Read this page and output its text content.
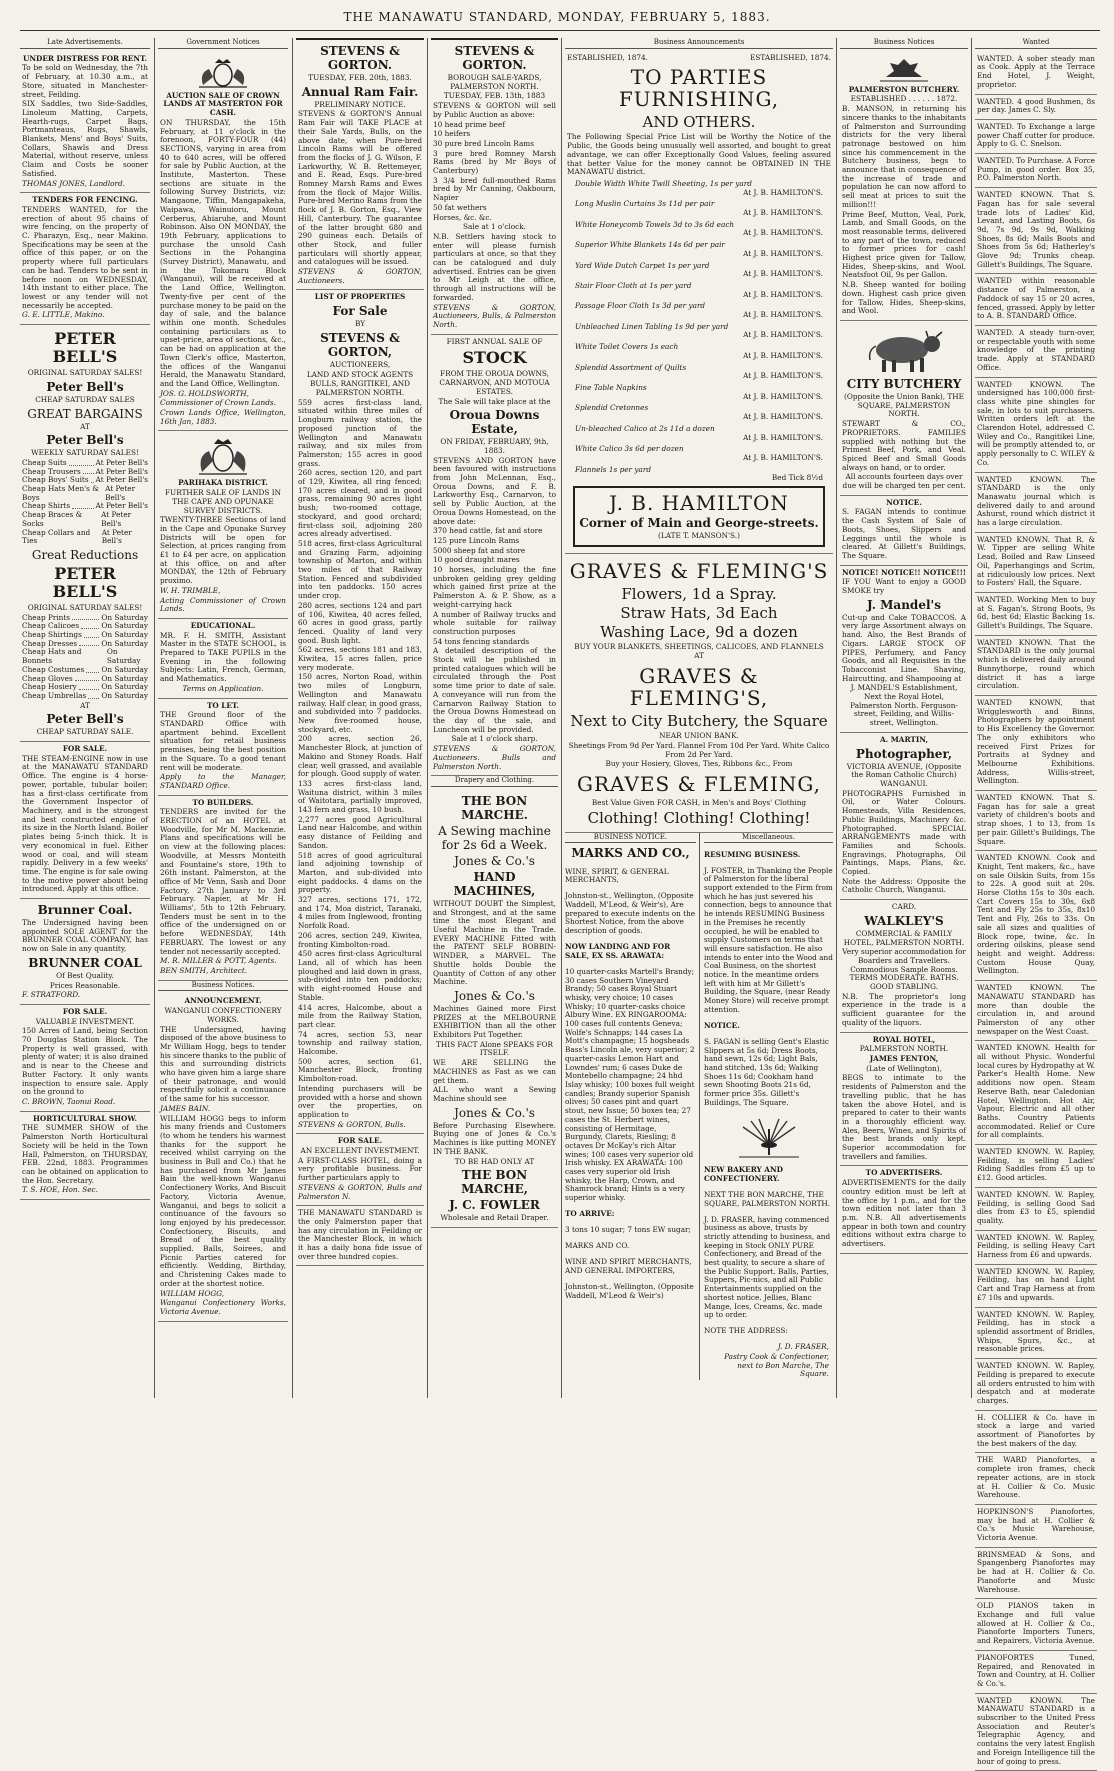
THE MANAWATU STANDARD, MONDAY, FEBRUARY 5, 1883.
Late Advertisements.

UNDER DISTRESS FOR RENT.

To be sold on Wednesday, the 7th of February, at 10.30 a.m., at Store, situated in Manchester-street, Feilding.

SIX Saddles, two Side-Saddles, Linoleum Matting, Carpets, Hearth-rugs, Carpet Bags, Portmanteaus, Rugs, Shawls, Blankets, Mens' and Boys' Suits, Collars, Shawls and Dress Material, without reserve, unless Claim and Costs be sooner Satisfied.

THOMAS JONES, Landlord.

TENDERS FOR FENCING.

TENDERS WANTED, for the erection of about 95 chains of wire fencing, on the property of C. Pharazyn, Esq., near Makino. Specifications may be seen at the office of this paper, or on the property where full particulars can be had. Tenders to be sent in before noon on WEDNESDAY, 14th instant to either place. The lowest or any tender will not necessarily be accepted.

G. E. LITTLE, Makino.

PETER BELL'S

ORIGINAL SATURDAY SALES!

Peter Bell's

CHEAP SATURDAY SALES

GREAT BARGAINS

AT

Peter Bell's

WEEKLY SATURDAY SALES!

Cheap Suits	At Peter Bell's
Cheap Trousers At Peter Bell's
Cheap Boys' Suits At Peter Bell's
Cheap Hats Men's & Boys
At Peter Bell's
Cheap Shirts	At Peter Bell's
Cheap Braces & Socks
At Peter Bell's
Cheap Collars and Ties
At Peter Bell's
Great Reductions
PETER BELL'S

ORIGINAL SATURDAY SALES!

Cheap Prints	On Saturday
Cheap Calicoes	On Saturday
Cheap Shirtings	On Saturday
Cheap Dresses	On Saturday
Cheap Hats and Bonnets
On Saturday
Cheap Costumes On Saturday
Cheap Gloves	On Saturday
Cheap Hosiery	On Saturday
Cheap Umbrellas On Saturday

AT

Peter Bell's

CHEAP SATURDAY SALE.

FOR SALE.

THE STEAM-ENGINE now in use at the MANAWATU STANDARD Office. The engine is 4 horse-power, portable, tubular boiler; has a first-class certificate from the Government Inspector of Machinery, and is the strongest and best constructed engine of its size in the North Island. Boiler plates being 5-inch thick. It is very economical in fuel. Either wood or coal, and will steam rapidly. Delivery in a few weeks' time. The engine is for sale owing to the motive power about being introduced. Apply at this office.

Brunner Coal.

The Undersigned having been appointed SOLE AGENT for the BRUNNER COAL COMPANY, has now on Sale in any quantity,

BRUNNER COAL

Of Best Quality.

Prices Reasonable.

F. STRATFORD.

FOR SALE.

VALUABLE INVESTMENT.

150 Acres of Land, being Section 70 Douglas Station Block. The Property is well grassed, with plenty of water; it is also drained and is near to the Cheese and Butter Factory. It only wants inspection to ensure sale. Apply on the ground to

C. BROWN, Taonui Road.

HORTICULTURAL SHOW.

THE SUMMER SHOW of the Palmerston North Horticultural Society will be held in the Town Hall, Palmerston, on THURSDAY, FEB. 22nd, 1883. Programmes can be obtained on application to the Hon. Secretary.

T. S. HOE, Hon. Sec.

Government Notices

AUCTION SALE OF CROWN LANDS AT MASTERTON FOR CASH.

ON THURSDAY, the 15th February, at 11 o'clock in the forenoon, FORTY-FOUR (44) SECTIONS, varying in area from 40 to 640 acres, will be offered for sale by Public Auction, at the Institute, Masterton. These sections are situate in the following Survey Districts, viz: Mangaone, Tiffin, Mangapakeha, Waipawa, Wainuioru, Mount Cerberus, Ahiaruhe, and Mount Robinson. Also ON MONDAY, the 19th February, applications to purchase the unsold Cash Sections in the Pohangina (Survey District), Manawatu, and in the Tokomaru Block (Wanganui), will be received at the Land Office, Wellington. Twenty-five per cent of the purchase money to be paid on the day of sale, and the balance within one month. Schedules containing particulars as to upset-price, area of sections, &c., can be had on application at the Town Clerk's office, Masterton, the offices of the Wanganui Herald, the Manawatu Standard, and the Land Office, Wellington.

JOS. G. HOLDSWORTH,

Commissioner of Crown Lands.

Crown Lands Office, Wellington, 16th Jan, 1883.

PARIHAKA DISTRICT.

FURTHER SALE OF LANDS IN THE CAPE AND OPUNAKE SURVEY DISTRICTS.

TWENTY-THREE Sections of land in the Cape and Opunake Survey Districts will be open for Selection, at prices ranging from £1 to £4 per acre, on application at this office, on and after MONDAY, the 12th of February proximo.

W. H. TRIMBLE,

Acting Commissioner of Crown Lands.

EDUCATIONAL.

MR. F. H. SMITH, Assistant Master in the STATE SCHOOL, is Prepared to TAKE PUPILS in the Evening in the following Subjects: Latin, French, German, and Mathematics.

Terms on Application.

TO LET.

THE Ground floor of the STANDARD Office with apartment behind. Excellent situation for retail business premises, being the best position in the Square. To a good tenant rent will be moderate.

Apply to the Manager, STANDARD Office.

TO BUILDERS.

TENDERS are invited for the ERECTION of an HOTEL at Woodville, for Mr M. Mackenzie. Plans and specifications will be on view at the following places: Woodville, at Messrs Monteith and Fountaine's store, 19th to 26th instant. Palmerston, at the office of Mr Venn, Sash and Door Factory, 27th January to 3rd February. Napier, at Mr H. Williams', 5th to 12th February. Tenders must be sent in to the office of the undersigned on or before WEDNESDAY, 14th FEBRUARY. The lowest or any tender not necessarily accepted.

M. R. MILLER & POTT, Agents.

BEN SMITH, Architect.

Business Notices.

ANNOUNCEMENT.

WANGANUI CONFECTIONERY WORKS.

THE Undersigned, having disposed of the above business to Mr William Hogg, begs to tender his sincere thanks to the public of this and surrounding districts who have given him a large share of their patronage, and would respectfully solicit a continuance of the same for his successor.

JAMES BAIN.

WILLIAM HOGG begs to inform his many friends and Customers (to whom he tenders his warmest thanks for the support he received whilst carrying on the business in Bull and Co.) that he has purchased from Mr James Bain the well-known Wanganui Confectionery Works, And Biscuit Factory, Victoria Avenue, Wanganui, and begs to solicit a continuance of the favours so long enjoyed by his predecessor. Confectionery, Biscuits, and Bread of the best quality supplied. Balls, Soirees, and Picnic Parties catered for efficiently. Wedding, Birthday, and Christening Cakes made to order at the shortest notice.

WILLIAM HOGG,

Wanganui Confectionery Works, Victoria Avenue.

STEVENS & GORTON.

TUESDAY, FEB. 20th, 1883.

Annual Ram Fair.

PRELIMINARY NOTICE.

STEVENS & GORTON'S Annual Ram Fair will TAKE PLACE at their Sale Yards, Bulls, on the above date, when Pure-bred Lincoln Rams will be offered from the flocks of J. G. Wilson, F. Larkworthy, W. B. Rettemeyer, and E. Read, Esqs. Pure-bred Romney Marsh Rams and Ewes from the flock of Major Willis. Pure-bred Merino Rams from the flock of J. B. Gorton, Esq., View Hill, Canterbury. The guarantee of the latter brought 680 and 290 guineas each. Details of other Stock, and fuller particulars will shortly appear, and catalogues will be issued.

STEVENS & GORTON, Auctioneers.

LIST OF PROPERTIES

For Sale

BY

STEVENS & GORTON,

AUCTIONEERS,

LAND AND STOCK AGENTS

BULLS, RANGITIKEI, AND PALMERSTON NORTH.

559 acres first-class land, situated within three miles of Longburn railway station, the proposed junction of the Wellington and Manawatu railway, and six miles from Palmerston; 155 acres in good grass.

260 acres, section 120, and part of 129, Kiwitea, all ring fenced; 170 acres cleared, and in good grass, remaining 90 acres light bush; two-roomed cottage, stockyard, and good orchard; first-class soil, adjoining 280 acres already advertised.

518 acres, first-class Agricultural and Grazing Farm, adjoining township of Marton, and within two miles of that Railway Station. Fenced and subdivided into ten paddocks. 150 acres under crop.

280 acres, sections 124 and part of 106, Kiwitea, 40 acres felled, 60 acres in good grass, partly fenced. Quality of land very good. Bush light.

562 acres, sections 181 and 183, Kiwitea, 15 acres fallen, price very moderate.

150 acres, Norton Road, within two miles of Longburn, Wellington and Manawatu railway. Half clear, in good grass, and subdivided into 7 paddocks. New five-roomed house, stockyard, etc.

200 acres, section 26, Manchester Block, at junction of Makino and Stoney Roads. Half clear, well grassed, and available for plough. Good supply of water.

133 acres first-class land, Waituna district, within 3 miles of Waitotara, partially improved, 143 fern and grass, 10 bush.

2,277 acres good Agricultural Land near Halcombe, and within easy distance of Feilding and Sandon.

518 acres of good agricultural land adjoining township of Marton, and sub-divided into eight paddocks. 4 dams on the property.

327 acres, sections 171, 172, and 174, Moa district, Taranaki, 4 miles from Inglewood, fronting Norfolk Road.

206 acres, section 249, Kiwitea, fronting Kimbolton-road.

450 acres first-class Agricultural Land, all of which has been ploughed and laid down in grass, sub-divided into ten paddocks; with eight-roomed House and Stable.

414 acres, Halcombe, about a mile from the Railway Station, part clear.

74 acres, section 53, near township and railway station, Halcombe.

500 acres, section 61, Manchester Block, fronting Kimbolton-road.

Intending purchasers will be provided with a horse and shown over the properties, on application to

STEVENS & GORTON, Bulls.

FOR SALE.

AN EXCELLENT INVESTMENT.

A FIRST-CLASS HOTEL, doing a very profitable business. For further particulars apply to

STEVENS & GORTON, Bulls and Palmerston N.

THE MANAWATU STANDARD is the only Palmerston paper that has any circulation in Feilding or the Manchester Block, in which it has a daily bona fide issue of over three hundred copies.

STEVENS & GORTON.

BOROUGH SALE-YARDS, PALMERSTON NORTH.

TUESDAY, FEB. 13th, 1883

STEVENS & GORTON will sell by Public Auction as above:

10 head prime beef

10 heifers

30 pure bred Lincoln Rams

3 pure bred Romney Marsh Rams (bred by Mr Boys of Canterbury)

3 3/4 bred full-mouthed Rams bred by Mr Canning, Oakbourn, Napier

50 fat wethers

Horses, &c. &c.

Sale at 1 o'clock.

N.B. Settlers having stock to enter will please furnish particulars at once, so that they can be catalogued and duly advertised. Entries can be given to Mr Leigh at the office, through all instructions will be forwarded.

STEVENS & GORTON, Auctioneers, Bulls, & Palmerston North.

FIRST ANNUAL SALE OF

STOCK

FROM THE OROUA DOWNS, CARNARVON, AND MOTOUA ESTATES.

The Sale will take place at the

Oroua Downs Estate,

ON FRIDAY, FEBRUARY, 9th, 1883.

STEVENS AND GORTON have been favoured with instructions from John McLennan, Esq., Oroua Downs, and F. B. Larkworthy Esq., Carnarvon, to sell by Public Auction, at the Oroua Downs Homestead, on the above date:

370 head cattle, fat and store

125 pure Lincoln Rams

5000 sheep fat and store

10 good draught mares

10 horses, including the fine unbroken gelding grey gelding which gained first prize at the Palmerston A. & P. Show, as a weight-carrying hack

A number of Railway trucks and whole suitable for railway construction purposes

54 tons fencing standards

A detailed description of the Stock will be published in printed catalogues which will be circulated through the Post some time prior to date of sale. A conveyance will run from the Carnarvon Railway Station to the Oroua Downs Homestead on the day of the sale, and Luncheon will be provided.

Sale at 1 o'clock sharp.

STEVENS & GORTON, Auctioneers. Bulls and Palmerston North.

Drapery and Clothing.
THE BON MARCHE.
A Sewing machine for 2s 6d a Week.
Jones & Co.'s
HAND MACHINES,

WITHOUT DOUBT the Simplest, and Strongest, and at the same time the most Elegant and Useful Machine in the Trade. EVERY MACHINE Fitted with the PATENT SELF BOBBIN-WINDER, a MARVEL. The Shuttle holds Double the Quantity of Cotton of any other Machine.

Jones & Co.'s

Machines Gained more First PRIZES at the MELBOURNE EXHIBITION than all the other Exhibitors Put Together.

THIS FACT Alone SPEAKS FOR ITSELF.

WE ARE SELLING the MACHINES as Fast as we can get them.

ALL who want a Sewing Machine should see

Jones & Co.'s

Before Purchasing Elsewhere. Buying one of Jones & Co.'s Machines is like putting MONEY IN THE BANK.

TO BE HAD ONLY AT

THE BON MARCHE,
J. C. FOWLER

Wholesale and Retail Draper.

Business Announcements
ESTABLISHED, 1874.	ESTABLISHED, 1874.
TO PARTIES FURNISHING,
AND OTHERS.

The Following Special Price List will be Worthy the Notice of the Public, the Goods being unusually well assorted, and bought to great advantage, we can offer Exceptionally Good Values, feeling assured that better Value for the money cannot be OBTAINED IN THE MANAWATU district.

Double Width White Twill Sheeting, 1s per yard
At J. B. HAMILTON'S.
Long Muslin Curtains 3s 11d per pair
At J. B. HAMILTON'S.
White Honeycomb Towels 3d to 3s 6d each
At J. B. HAMILTON'S.
Superior White Blankets 14s 6d per pair
At J. B. HAMILTON'S.
Yard Wide Dutch Carpet 1s per yard
At J. B. HAMILTON'S.
Stair Floor Cloth at 1s per yard
At J. B. HAMILTON'S.
Passage Floor Cloth 1s 3d per yard
At J. B. HAMILTON'S.
Unbleached Linen Tabling 1s 9d per yard
At J. B. HAMILTON'S.
White Toilet Covers 1s each
At J. B. HAMILTON'S.
Splendid Assortment of Quilts
At J. B. HAMILTON'S.
Fine Table Napkins
At J. B. HAMILTON'S.
Splendid Cretonnes
At J. B. HAMILTON'S.
Un-bleached Calico at 2s 11d a dozen
At J. B. HAMILTON'S.
White Calico 3s 6d per dozen
At J. B. HAMILTON'S.
Flannels 1s per yard
Bed Tick 8½d
J. B. HAMILTON
Corner of Main and George-streets.

(LATE T. MANSON'S.)

GRAVES & FLEMING'S
Flowers, 1d a Spray.
Straw Hats, 3d Each
Washing Lace, 9d a dozen

BUY YOUR BLANKETS, SHEETINGS, CALICOES, AND FLANNELS

AT

GRAVES & FLEMING'S,
Next to City Butchery, the Square

NEAR UNION BANK.

Sheetings From 9d Per Yard. Flannel From 10d Per Yard. White Calico From 2d Per Yard.

Buy your Hosiery, Gloves, Ties, Ribbons &c., From

GRAVES & FLEMING,

Best Value Given FOR CASH, in Men's and Boys' Clothing

Clothing! Clothing! Clothing!
BUSINESS NOTICE.
MARKS AND CO.,

WINE, SPIRIT, & GENERAL MERCHANTS,

Johnston-st., Wellington, (Opposite Waddell, M'Leod, & Weir's), Are prepared to execute indents on the Shortest Notice, from the above description of goods.

NOW LANDING AND FOR SALE, EX SS. ARAWATA:

10 quarter-casks Martell's Brandy; 30 cases Southern Vineyard Brandy; 50 cases Royal Stuart whisky, very choice; 10 cases Whisky; 10 quarter-casks choice Albury Wine. EX RINGAROOMA: 100 cases full contents Geneva; Wolfe's Schnapps; 144 cases La Mott's champagne; 15 hogsheads Bass's Lincoln ale, very superior; 2 quarter-casks Lemon Hart and Lowndes' rum; 6 cases Duke de Montebello champagne; 24 hhd Islay whisky; 100 boxes full weight candles; Brandy superior Spanish olives; 50 cases pint and quart stout, new Issue; 50 boxes tea; 27 cases the St. Herbert wines, consisting of Hermitage, Burgundy, Clarets, Riesling; 8 octaves Dr McKay's rich Altar wines; 100 cases very superior old Irish whisky. EX ARAWATA: 100 cases very superior old Irish whisky, the Harp, Crown, and Shamrock brand; Hints is a very superior whisky.

TO ARRIVE:

3 tons 10 sugar; 7 tons EW sugar;

MARKS AND CO.

WINE AND SPIRIT MERCHANTS, AND GENERAL IMPORTERS,

Johnston-st., Wellington, (Opposite Waddell, M'Leod & Weir's)

Miscellaneous.

RESUMING BUSINESS.

J. FOSTER, in Thanking the People of Palmerston for the liberal support extended to the Firm from which he has just severed his connection, begs to announce that he intends RESUMING Business in the Premises he recently occupied, he will be enabled to supply Customers on terms that will ensure satisfaction. He also intends to enter into the Wood and Coal Business, on the shortest notice. In the meantime orders left with him at Mr Gillett's Building, the Square, (near Ready Money Store) will receive prompt attention.

NOTICE.

S. FAGAN is selling Gent's Elastic Slippers at 5s 6d; Dress Boots, hand sewn, 12s 6d; Light Bals, hand stitched, 13s 6d; Walking Shoes 11s 6d; Cookham hand sewn Shooting Boots 21s 6d, former price 35s. Gillett's Buildings, The Square.

NEW BAKERY AND CONFECTIONERY.

NEXT THE BON MARCHE, THE SQUARE, PALMERSTON NORTH.

J. D. FRASER, having commenced business as above, trusts by strictly attending to business, and keeping in Stock ONLY PURE Confectionery, and Bread of the best quality, to secure a share of the Public Support. Balls, Parties, Suppers, Pic-nics, and all Public Entertainments supplied on the shortest notice. Jellies, Blanc Mange, Ices, Creams, &c. made up to order.

NOTE THE ADDRESS:

J. D. FRASER,

Pastry Cook & Confectioner, next to Bon Marche, The Square.

Business Notices

PALMERSTON BUTCHERY.

ESTABLISHED . . . . . . 1872.

B. MANSON, in returning his sincere thanks to the inhabitants of Palmerston and Surrounding districts for the very liberal patronage bestowed on him since his commencement in the Butchery business, begs to announce that in consequence of the increase of trade and population he can now afford to sell meat at prices to suit the million!!!

Prime Beef, Mutton, Veal, Pork, Lamb, and Small Goods, on the most reasonable terms, delivered to any part of the town, reduced to former prices for cash! Highest price given for Tallow, Hides, Sheep-skins, and Wool. Neatsfoot Oil, 9s per Gallon.

N.B. Sheep wanted for boiling down. Highest cash price given for Tallow, Hides, Sheep-skins, and Wool.

CITY BUTCHERY

(Opposite the Union Bank), THE SQUARE, PALMERSTON NORTH.

STEWART & CO., PROPRIETORS. FAMILIES supplied with nothing but the Primest Beef, Pork, and Veal. Spiced Beef and Small Goods always on hand, or to order.

All accounts fourteen days over due will be charged ten per cent.

NOTICE.

S. FAGAN intends to continue the Cash System of Sale of Boots, Shoes, Slippers and Leggings until the whole is cleared. At Gillett's Buildings, The Square.

NOTICE! NOTICE!! NOTICE!!!

IF YOU Want to enjoy a GOOD SMOKE try

J. Mandel's

Cut-up and Cake TOBACCOS. A very large Assortment always on hand. Also, the Best Brands of Cigars. LARGE STOCK OF PIPES, Perfumery, and Fancy Goods, and all Requisites in the Tobacconist Line. Shaving, Haircutting, and Shampooing at

J. MANDEL'S Establishment, Next the Royal Hotel, Palmerston North. Ferguson-street, Feilding, and Willis-street, Wellington.

A. MARTIN,

Photographer,

VICTORIA AVENUE, (Opposite the Roman Catholic Church) WANGANUI.

PHOTOGRAPHS Furnished in Oil, or Water Colours. Homesteads, Villa Residences, Public Buildings, Machinery &c. Photographed. SPECIAL ARRANGEMENTS made with Families and Schools. Engravings, Photographs, Oil Paintings, Maps, Plans, &c. Copied.

Note the Address: Opposite the Catholic Church, Wanganui.

CARD.

WALKLEY'S

COMMERCIAL & FAMILY HOTEL, PALMERSTON NORTH.

Very superior accommodation for Boarders and Travellers. Commodious Sample Rooms. TERMS MODERATE. BATHS. GOOD STABLING.

N.B. The proprietor's long experience in the trade is a sufficient guarantee for the quality of the liquors.

ROYAL HOTEL,

PALMERSTON NORTH.

JAMES FENTON,

(Late of Wellington),

BEGS to intimate to the residents of Palmerston and the travelling public, that he has taken the above Hotel, and is prepared to cater to their wants in a thoroughly efficient way. Ales, Beers, Wines, and Spirits of the best brands only kept. Superior accommodation for travellers and families.

TO ADVERTISERS.

ADVERTISEMENTS for the daily country edition must be left at the office by 1 p.m., and for the town edition not later than 3 p.m. N.B. All advertisements appear in both town and country editions without extra charge to advertisers.

Wanted

WANTED. A sober steady man as Cook. Apply at the Terrace End Hotel, J. Weight, proprietor.

WANTED. 4 good Bushmen, 8s per day. James C. Sly.

WANTED. To Exchange a large power Chaff cutter for produce. Apply to G. C. Snelson.

WANTED. To Purchase. A Force Pump, in good order. Box 35, P.O. Palmerston North.

WANTED KNOWN. That S. Fagan has for sale several trade lots of Ladies' Kid, Levant, and Lasting Boots, 6s 9d, 7s 9d, 9s 9d, Walking Shoes, 8s 6d; Mails Boots and Shoes from 5s 6d; Hatherley's Glove 9d; Trunks cheap. Gillett's Buildings, The Square.

WANTED within reasonable distance of Palmerston, a Paddock of say 15 or 20 acres, fenced, grassed. Apply by letter to A. B. STANDARD Office.

WANTED. A steady turn-over, or respectable youth with some knowledge of the printing trade. Apply at STANDARD Office.

WANTED KNOWN. The undersigned has 100,000 first-class white pine shingles for sale, in lots to suit purchasers. Written orders left at the Clarendon Hotel, addressed C. Wiley and Co., Rangitikei Line, will be promptly attended to, or apply personally to C. WILEY & Co.

WANTED KNOWN. The STANDARD is the only Manawatu journal which is delivered daily to and around Ashurst, round which district it has a large circulation.

WANTED KNOWN. That R. & W. Tipper are selling White Lead, Boiled and Raw Linseed Oil, Paperhangings and Scrim, at ridiculously low prices. Next to Fosters' Hall, the Square.

WANTED. Working Men to buy at S. Fagan's, Strong Boots, 9s 6d, best 6d; Elastic Backing 1s. Gillett's Buildings, The Square.

WANTED KNOWN. That the STANDARD is the only journal which is delivered daily around Bunnythorpe, round which district it has a large circulation.

WANTED KNOWN, that Wrigglesworth and Binns, Photographers by appointment to His Excellency the Governor. The only exhibitors who received First Prizes for Portraits at Sydney and Melbourne Exhibitions. Address, Willis-street, Wellington.

WANTED KNOWN. That S. Fagan has for sale a great variety of children's boots and strap shoes, 1 to 13, from 1s per pair. Gillett's Buildings, The Square.

WANTED KNOWN. Cook and Knight, Tent makers, &c., have on sale Oilskin Suits, from 15s to 22s. A good suit at 20s. Horse Cloths 15s to 30s each. Cart Covers 15s to 30s, 6x8 Tent and Fly 25s to 35s, 8x10 Tent and Fly, 26s to 33s. On sale all sizes and qualities of Block rope, twine, &c. In ordering oilskins, please send height and weight. Address: Custom House Quay, Wellington.

WANTED KNOWN. The MANAWATU STANDARD has more than double the circulation in, and around Palmerston of any other newspaper on the West Coast.

WANTED KNOWN. Health for all without Physic. Wonderful local cures by Hydropathy at W. Parker's Health Home. New additions now open. Steam Reserve Bath, near Caledonian Hotel, Wellington. Hot Air, Vapour, Electric and all other Baths. Country Patients accommodated. Relief or Cure for all complaints.

WANTED KNOWN. W. Rapley, Feilding, is selling Ladies' Riding Saddles from £5 up to £12. Good articles.

WANTED KNOWN. W. Rapley, Feilding, is selling Good Sad dles from £3 to £5, splendid quality.

WANTED KNOWN. W. Rapley, Feilding, is selling Heavy Cart Harness from £6 and upwards.

WANTED KNOWN. W. Rapley, Feilding, has on hand Light Cart and Trap Harness at from £7 10s and upwards.

WANTED KNOWN. W. Rapley, Feilding, has in stock a splendid assortment of Bridles, Whips, Spurs, &c., at reasonable prices.

WANTED KNOWN. W. Rapley, Feilding is prepared to execute all orders entrusted to him with despatch and at moderate charges.

H. COLLIER & Co. have in stock a large and varied assortment of Pianofortes by the best makers of the day.

THE WARD Pianofortes, a complete iron frames, check repeater actions, are in stock at H. Collier & Co. Music Warehouse.

HOPKINSON'S Pianofortes, may be had at H. Collier & Co.'s Music Warehouse, Victoria Avenue.

BRINSMEAD & Sons, and Spangenberg Pianofortes may be had at H. Collier & Co. Pianoforte and Music Warehouse.

OLD PIANOS taken in Exchange and full value allowed at H. Collier & Co., Pianoforte Importers Tuners, and Repairers, Victoria Avenue.

PIANOFORTES Tuned, Repaired, and Renovated in Town and Country, at H. Collier & Co.'s.

WANTED KNOWN. The MANAWATU STANDARD is a subscriber to the United Press Association and Reuter's Telegraphic Agency, and contains the very latest English and Foreign Intelligence till the hour of going to press.
